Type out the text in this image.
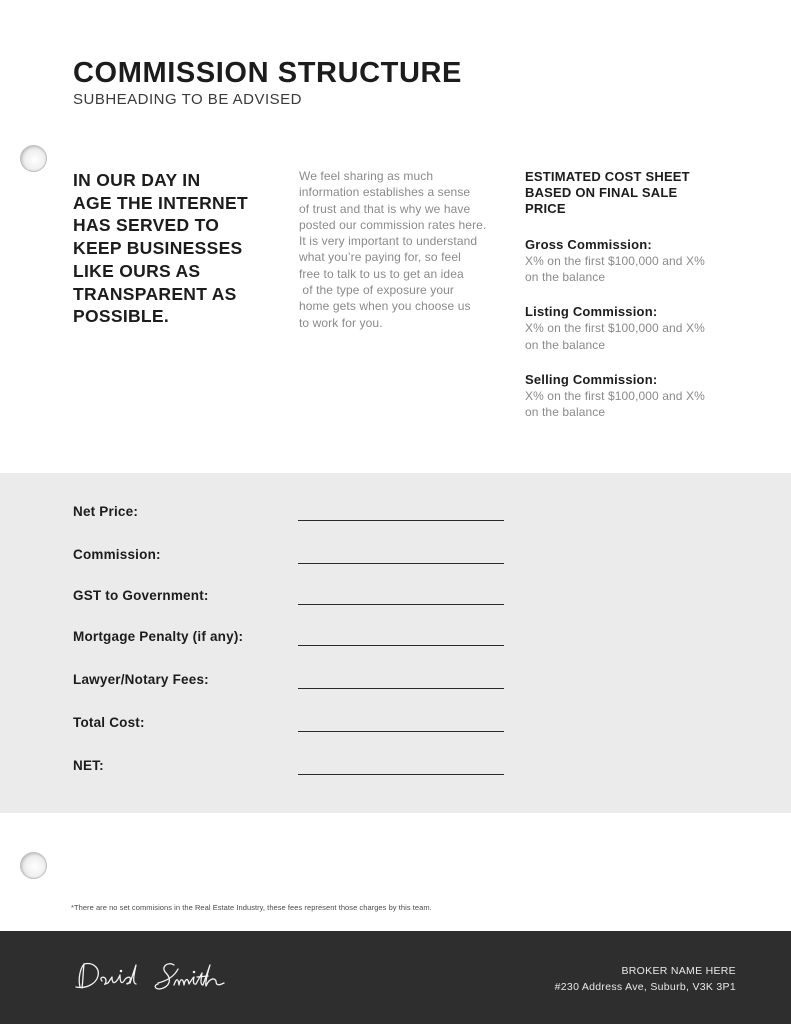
COMMISSION STRUCTURE
SUBHEADING TO BE ADVISED
IN OUR DAY IN
AGE THE INTERNET
HAS SERVED TO
KEEP BUSINESSES
LIKE OURS AS
TRANSPARENT AS
POSSIBLE.
We feel sharing as much
information establishes a sense
of trust and that is why we have
posted our commission rates here.
It is very important to understand
what you’re paying for, so feel
free to talk to us to get an idea
of the type of exposure your
home gets when you choose us
to work for you.
ESTIMATED COST SHEET
BASED ON FINAL SALE
PRICE
Gross Commission:
X% on the first $100,000 and X%
on the balance
Listing Commission:
X% on the first $100,000 and X%
on the balance
Selling Commission:
X% on the first $100,000 and X%
on the balance
Net Price:
Commission:
GST to Government:
Mortgage Penalty (if any):
Lawyer/Notary Fees:
Total Cost:
NET:
*There are no set commisions in the Real Estate Industry, these fees represent those charges by this team.
BROKER NAME HERE
#230 Address Ave, Suburb, V3K 3P1
